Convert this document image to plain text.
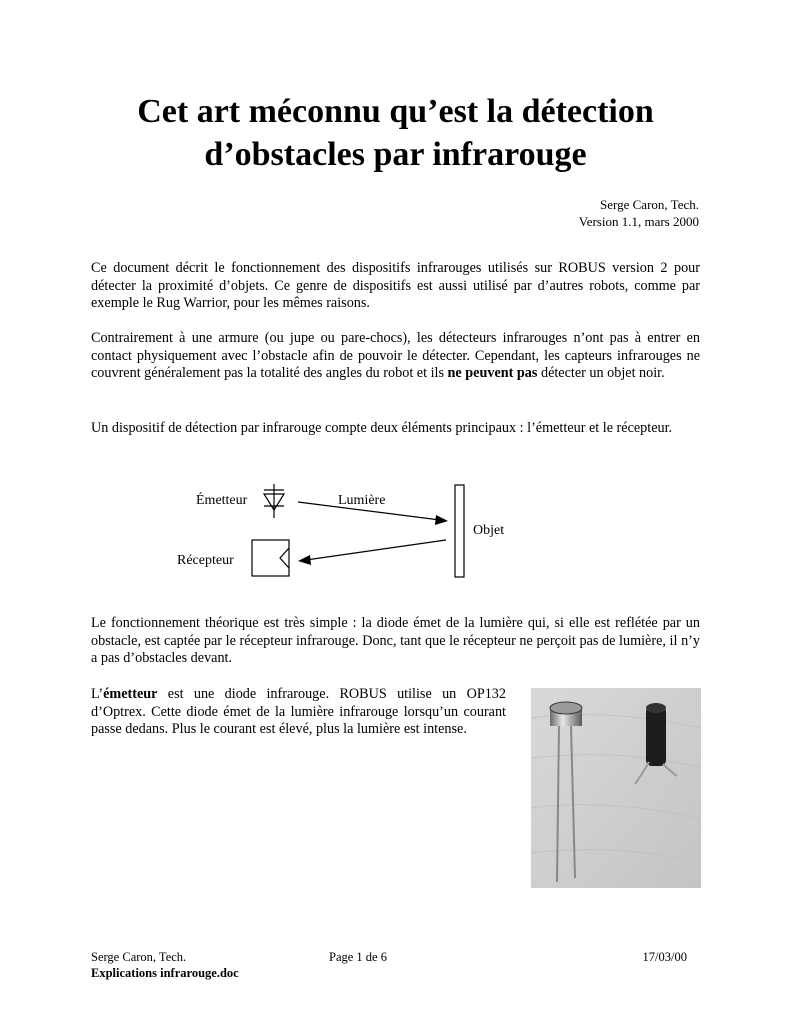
Cet art méconnu qu’est la détection
d’obstacles par infrarouge
Serge Caron, Tech.
Version 1.1, mars 2000

Ce document décrit le fonctionnement des dispositifs infrarouges utilisés sur ROBUS version 2 pour détecter la proximité d’objets. Ce genre de dispositifs est aussi utilisé par d’autres robots, comme par exemple le Rug Warrior, pour les mêmes raisons.

Contrairement à une armure (ou jupe ou pare-chocs), les détecteurs infrarouges n’ont pas à entrer en contact physiquement avec l’obstacle afin de pouvoir le détecter. Cependant, les capteurs infrarouges ne couvrent généralement pas la totalité des angles du robot et ils ne peuvent pas détecter un objet noir.

Un dispositif de détection par infrarouge compte deux éléments principaux : l’émetteur et le récepteur.

Émetteur	Lumière
Objet
Récepteur

Le fonctionnement théorique est très simple : la diode émet de la lumière qui, si elle est reflétée par un obstacle, est captée par le récepteur infrarouge. Donc, tant que le récepteur ne perçoit pas de lumière, il n’y a pas d’obstacles devant.

L’émetteur est une diode infrarouge. ROBUS utilise un OP132 d’Optrex. Cette diode émet de la lumière infrarouge lorsqu’un courant passe dedans. Plus le courant est élevé, plus la lumière est intense.

Serge Caron, Tech.
Explications infrarouge.doc
Page 1 de 6	17/03/00
